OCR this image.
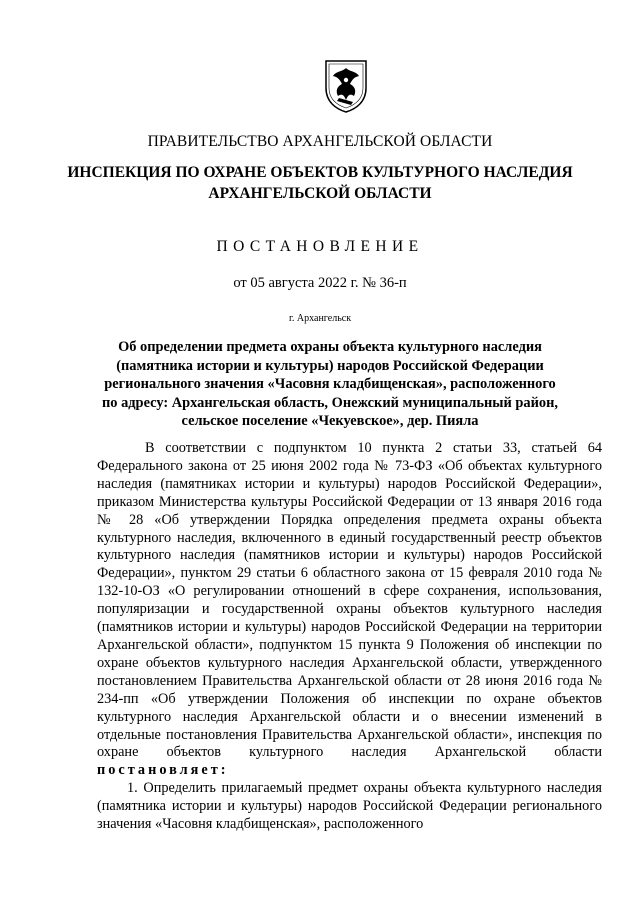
ПРАВИТЕЛЬСТВО АРХАНГЕЛЬСКОЙ ОБЛАСТИ
ИНСПЕКЦИЯ ПО ОХРАНЕ ОБЪЕКТОВ КУЛЬТУРНОГО НАСЛЕДИЯ
АРХАНГЕЛЬСКОЙ ОБЛАСТИ
ПОСТАНОВЛЕНИЕ
от 05 августа 2022 г. № 36-п
г. Архангельск
Об определении предмета охраны объекта культурного наследия (памятника истории и культуры) народов Российской Федерации регионального значения «Часовня кладбищенская», расположенного по адресу: Архангельская область, Онежский муниципальный район, сельское поселение «Чекуевское», дер. Пияла

В соответствии с подпунктом 10 пункта 2 статьи 33, статьей 64 Федерального закона от 25 июня 2002 года № 73-ФЗ «Об объектах культурного наследия (памятниках истории и культуры) народов Российской Федерации», приказом Министерства культуры Российской Федерации от 13 января 2016 года № 28 «Об утверждении Порядка определения предмета охраны объекта культурного наследия, включенного в единый государственный реестр объектов культурного наследия (памятников истории и культуры) народов Российской Федерации», пунктом 29 статьи 6 областного закона от 15 февраля 2010 года № 132-10-ОЗ «О регулировании отношений в сфере сохранения, использования, популяризации и государственной охраны объектов культурного наследия (памятников истории и культуры) народов Российской Федерации на территории Архангельской области», подпунктом 15 пункта 9 Положения об инспекции по охране объектов культурного наследия Архангельской области, утвержденного постановлением Правительства Архангельской области от 28 июня 2016 года № 234-пп «Об утверждении Положения об инспекции по охране объектов культурного наследия Архангельской области и о внесении изменений в отдельные постановления Правительства Архангельской области», инспекция по охране объектов культурного наследия Архангельской области постановляет:

1. Определить прилагаемый предмет охраны объекта культурного наследия (памятника истории и культуры) народов Российской Федерации регионального значения «Часовня кладбищенская», расположенного
